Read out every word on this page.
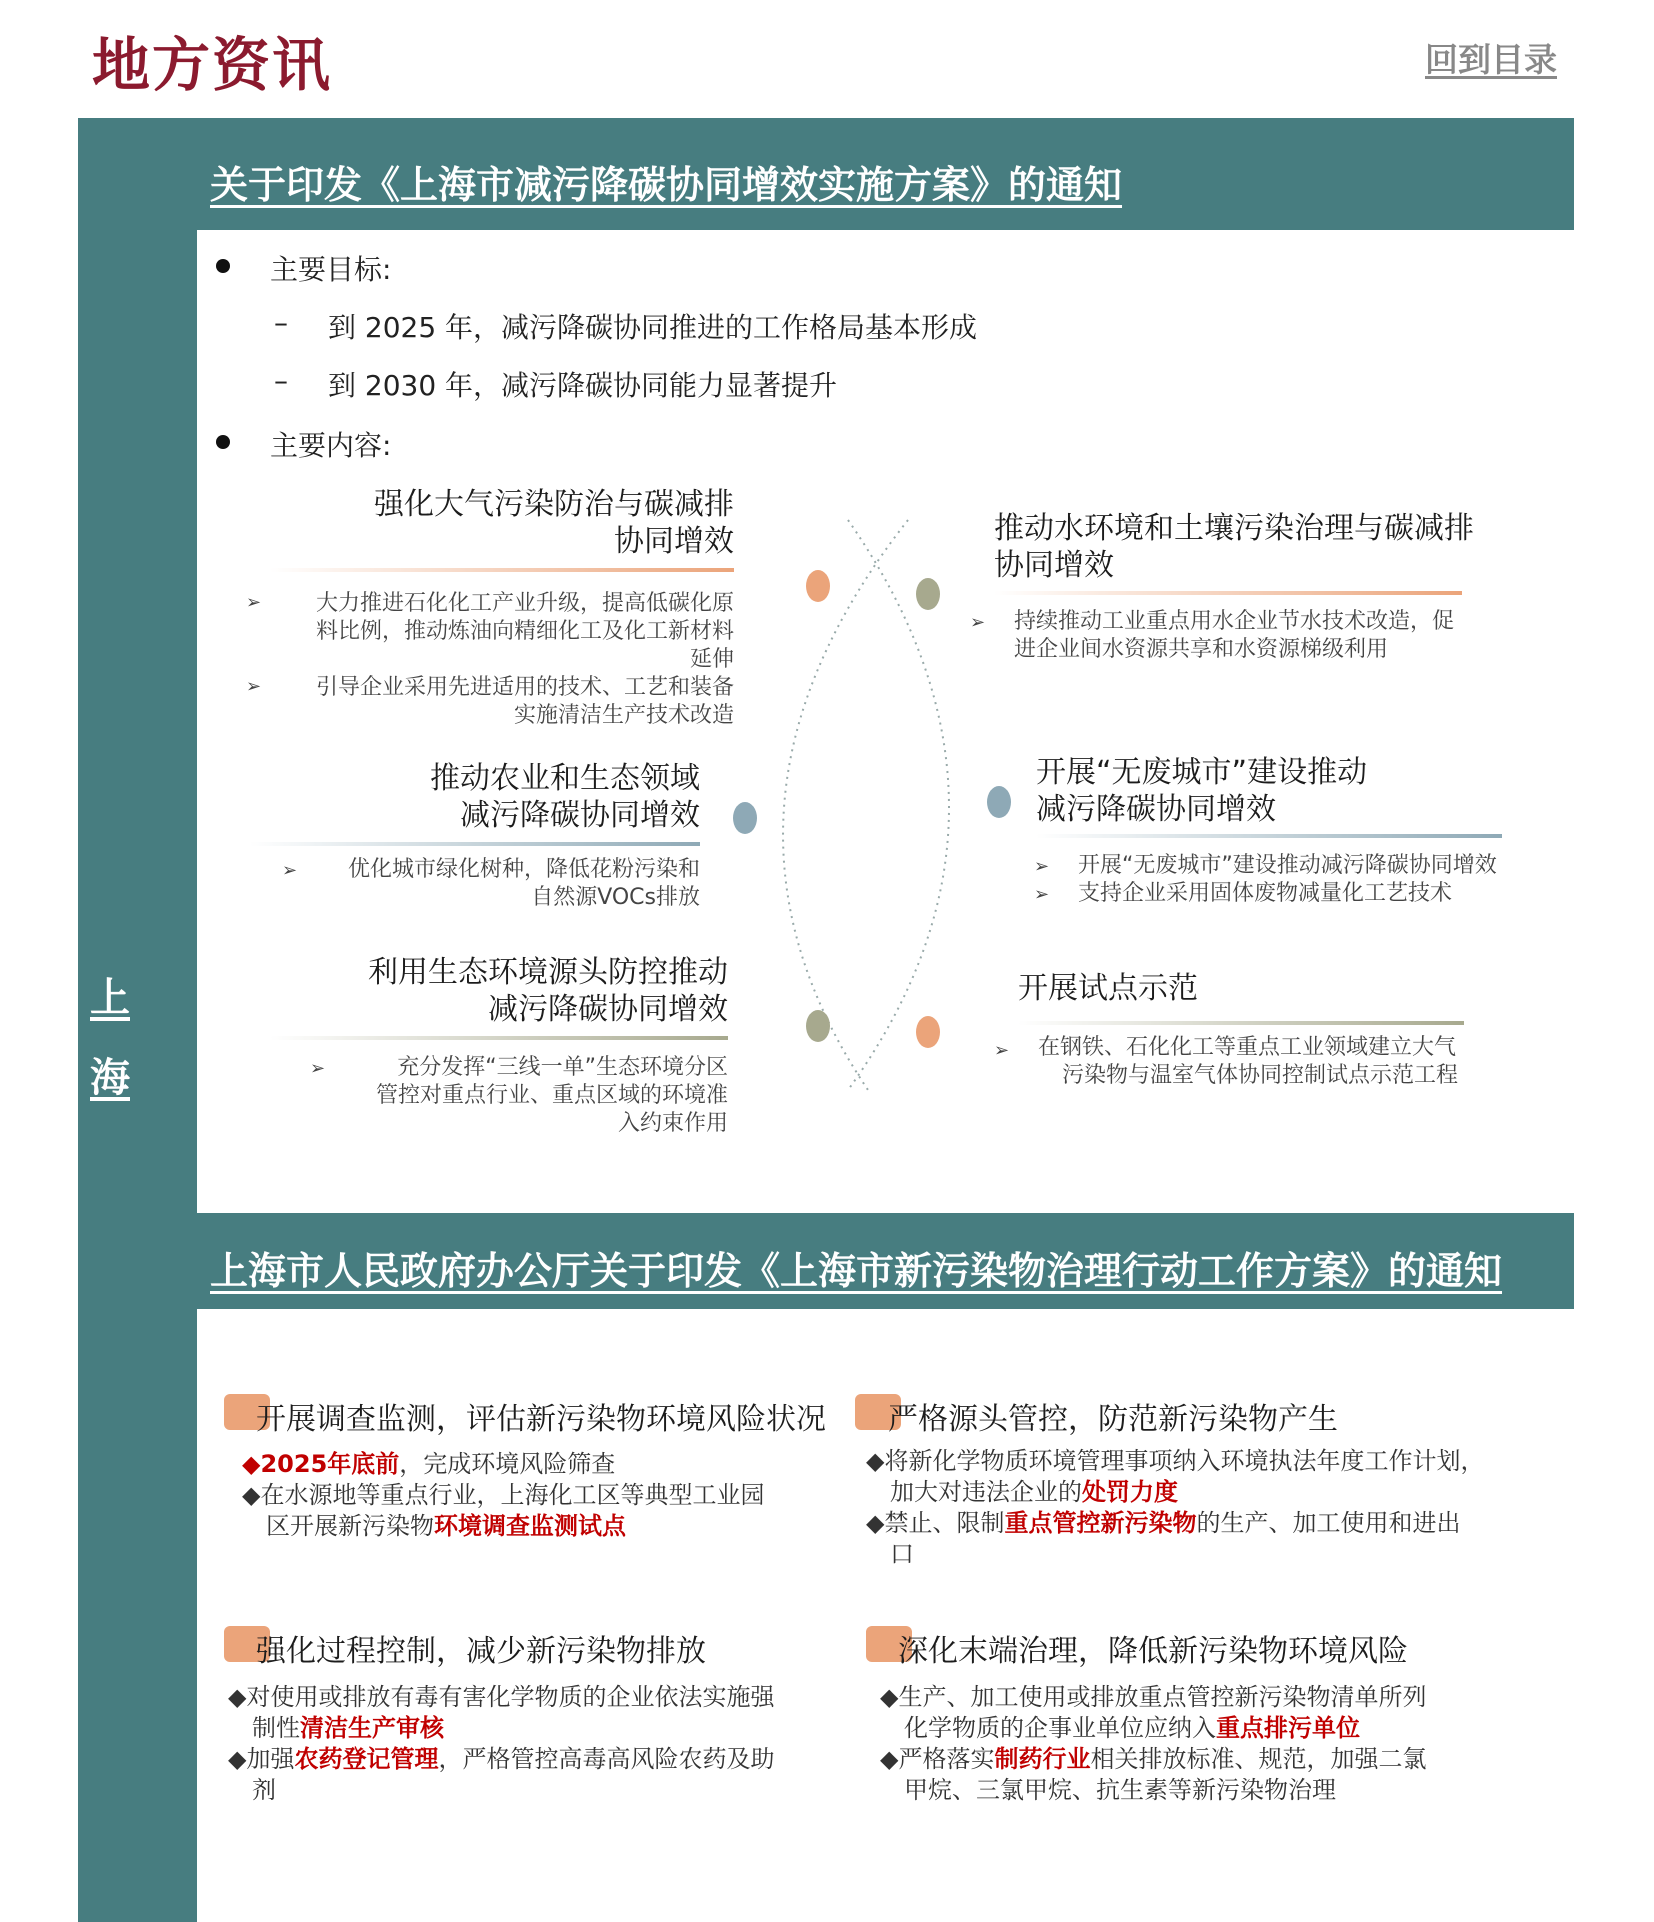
地方资讯	回到目录
关于印发《上海市减污降碳协同增效实施方案》的通知
上海市人民政府办公厅关于印发《上海市新污染物治理行动工作方案》的通知
上海
主要目标:
– 到 2025 年，减污降碳协同推进的工作格局基本形成
– 到 2030 年，减污降碳协同能力显著提升
主要内容:
强化大气污染防治与碳减排
协同增效
➢	大力推进石化化工产业升级，提高低碳化原
料比例，推动炼油向精细化工及化工新材料
延伸
➢	引导企业采用先进适用的技术、工艺和装备
实施清洁生产技术改造
推动水环境和土壤污染治理与碳减排
协同增效
➢ 持续推动工业重点用水企业节水技术改造，促
进企业间水资源共享和水资源梯级利用
推动农业和生态领域
减污降碳协同增效
➢	优化城市绿化树种，降低花粉污染和
自然源VOCs排放
开展“无废城市”建设推动
减污降碳协同增效
➢ 开展“无废城市”建设推动减污降碳协同增效
➢ 支持企业采用固体废物减量化工艺技术
利用生态环境源头防控推动
减污降碳协同增效
➢	充分发挥“三线一单”生态环境分区
管控对重点行业、重点区域的环境准
入约束作用
开展试点示范
➢ 在钢铁、石化化工等重点工业领域建立大气
污染物与温室气体协同控制试点示范工程
开展调查监测，评估新污染物环境风险状况
◆2025年底前，完成环境风险筛查
◆在水源地等重点行业，上海化工区等典型工业园
区开展新污染物环境调查监测试点
严格源头管控，防范新污染物产生
◆将新化学物质环境管理事项纳入环境执法年度工作计划，
加大对违法企业的处罚力度
◆禁止、限制重点管控新污染物的生产、加工使用和进出
口
强化过程控制，减少新污染物排放
◆对使用或排放有毒有害化学物质的企业依法实施强
制性清洁生产审核
◆加强农药登记管理，严格管控高毒高风险农药及助
剂
深化末端治理，降低新污染物环境风险
◆生产、加工使用或排放重点管控新污染物清单所列
化学物质的企事业单位应纳入重点排污单位
◆严格落实制药行业相关排放标准、规范，加强二氯
甲烷、三氯甲烷、抗生素等新污染物治理
